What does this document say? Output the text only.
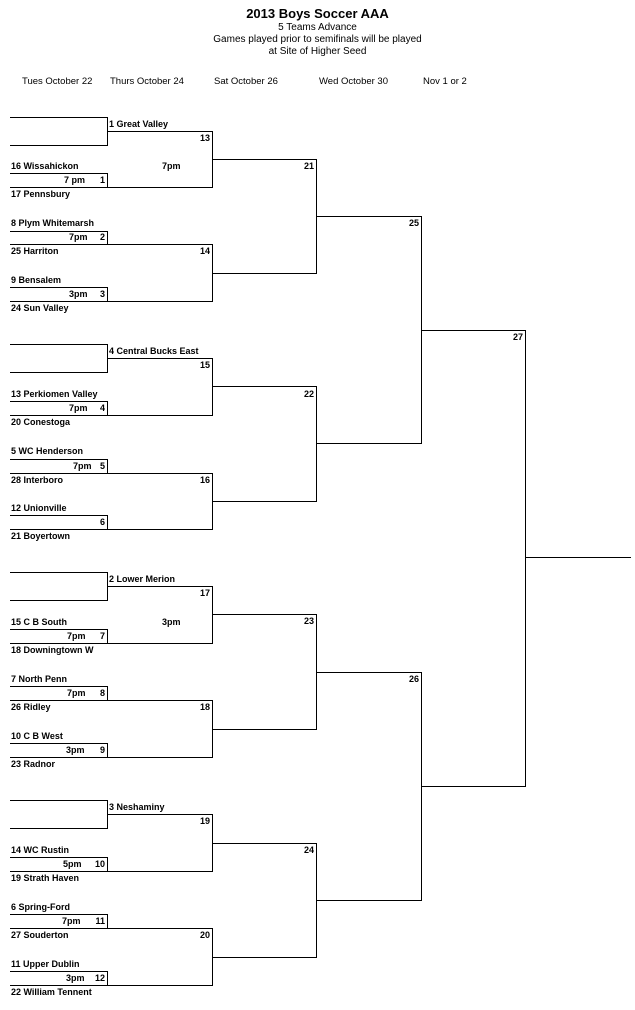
2013 Boys Soccer AAA
5 Teams Advance
Games played prior to semifinals will be played
at Site of Higher Seed
Tues October 22 Thurs October 24	Sat October 26	Wed October 30	Nov 1 or 2
1 Great Valley
16 Wissahickon
17 Pennsbury
8 Plym Whitemarsh
25 Harriton
9 Bensalem
24 Sun Valley
7 pm	1
7pm	2
3pm	3
13
7pm
14
21
4 Central Bucks East
13 Perkiomen Valley
20 Conestoga
5 WC Henderson
28 Interboro
12 Unionville
21 Boyertown
7pm	4
7pm 5
6
15
16
22
2 Lower Merion
15 C B South
18 Downingtown W
7 North Penn
26 Ridley
10 C B West
23 Radnor
7pm	7
7pm	8
3pm	9
17
3pm
18
23
3 Neshaminy
14 WC Rustin
19 Strath Haven
6 Spring-Ford
27 Souderton
11 Upper Dublin
22 William Tennent
5pm	10
7pm	11
3pm	12
19
20
24
25
26
27
